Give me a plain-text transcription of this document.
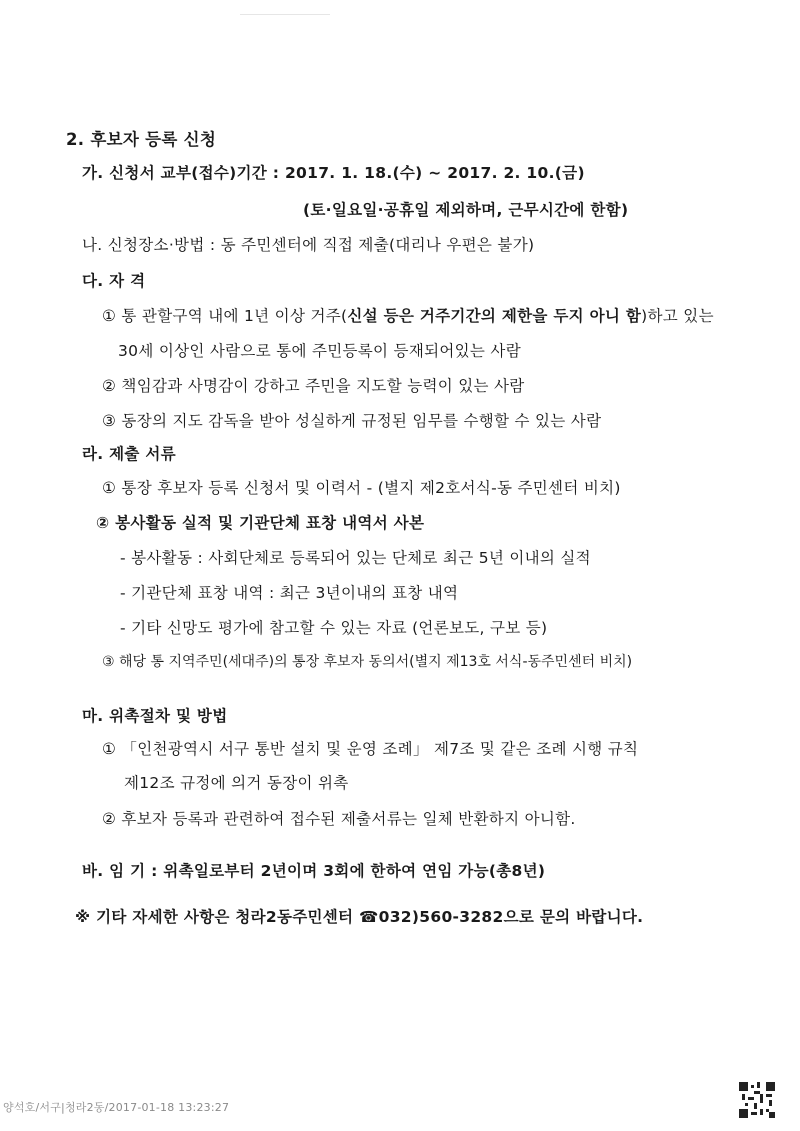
2. 후보자 등록 신청
가. 신청서 교부(접수)기간 : 2017. 1. 18.(수) ~ 2017. 2. 10.(금)
(토·일요일·공휴일 제외하며, 근무시간에 한함)
나. 신청장소·방법 : 동 주민센터에 직접 제출(대리나 우편은 불가)
다. 자 격
① 통 관할구역 내에 1년 이상 거주(신설 등은 거주기간의 제한을 두지 아니 함)하고 있는
30세 이상인 사람으로 통에 주민등록이 등재되어있는 사람
② 책임감과 사명감이 강하고 주민을 지도할 능력이 있는 사람
③ 동장의 지도 감독을 받아 성실하게 규정된 임무를 수행할 수 있는 사람
라. 제출 서류
① 통장 후보자 등록 신청서 및 이력서 - (별지 제2호서식-동 주민센터 비치)
② 봉사활동 실적 및 기관단체 표창 내역서 사본
- 봉사활동 : 사회단체로 등록되어 있는 단체로 최근 5년 이내의 실적
- 기관단체 표창 내역 : 최근 3년이내의 표창 내역
- 기타 신망도 평가에 참고할 수 있는 자료 (언론보도, 구보 등)
③ 해당 통 지역주민(세대주)의 통장 후보자 동의서(별지 제13호 서식-동주민센터 비치)
마. 위촉절차 및 방법
① 「인천광역시 서구 통반 설치 및 운영 조례」 제7조 및 같은 조례 시행 규칙
제12조 규정에 의거 동장이 위촉
② 후보자 등록과 관련하여 접수된 제출서류는 일체 반환하지 아니함.
바. 임 기 : 위촉일로부터 2년이며 3회에 한하여 연임 가능(총8년)
※ 기타 자세한 사항은 청라2동주민센터 ☎032)560-3282으로 문의 바랍니다.
양석호/서구|청라2동/2017-01-18 13:23:27
